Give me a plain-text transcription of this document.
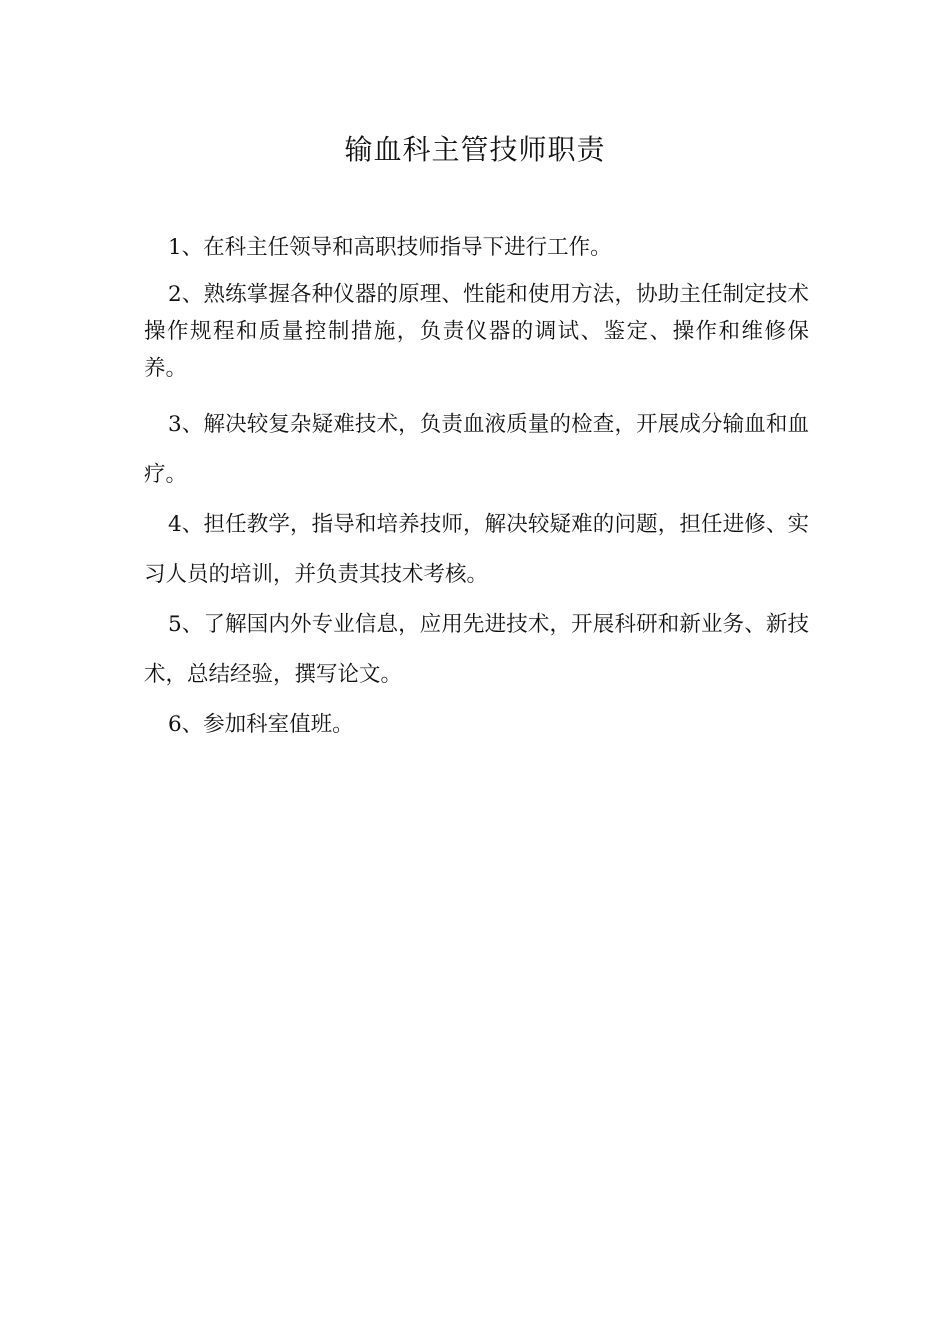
输血科主管技师职责

1、在科主任领导和高职技师指导下进行工作。

2、熟练掌握各种仪器的原理、性能和使用方法，协助主任制定技术操作规程和质量控制措施，负责仪器的调试、鉴定、操作和维修保养。

3、解决较复杂疑难技术，负责血液质量的检查，开展成分输血和血疗。

4、担任教学，指导和培养技师，解决较疑难的问题，担任进修、实习人员的培训，并负责其技术考核。

5、了解国内外专业信息，应用先进技术，开展科研和新业务、新技术，总结经验，撰写论文。

6、参加科室值班。
